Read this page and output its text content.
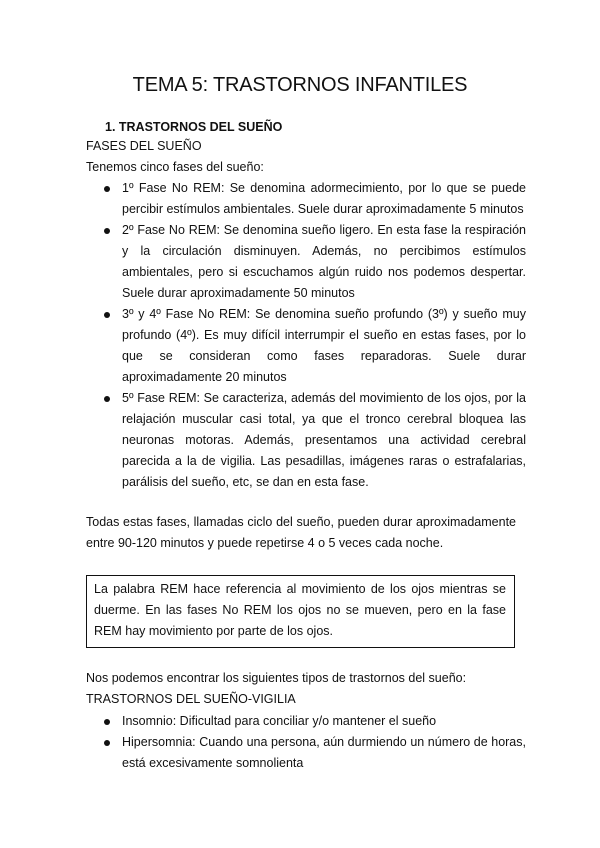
TEMA 5: TRASTORNOS INFANTILES
1. TRASTORNOS DEL SUEÑO
FASES DEL SUEÑO
Tenemos cinco fases del sueño:
1º Fase No REM: Se denomina adormecimiento, por lo que se puede percibir estímulos ambientales. Suele durar aproximadamente 5 minutos
2º Fase No REM: Se denomina sueño ligero. En esta fase la respiración y la circulación disminuyen. Además, no percibimos estímulos ambientales, pero si escuchamos algún ruido nos podemos despertar. Suele durar aproximadamente 50 minutos
3º y 4º Fase No REM: Se denomina sueño profundo (3º) y sueño muy profundo (4º). Es muy difícil interrumpir el sueño en estas fases, por lo que se consideran como fases reparadoras. Suele durar aproximadamente 20 minutos
5º Fase REM: Se caracteriza, además del movimiento de los ojos, por la relajación muscular casi total, ya que el tronco cerebral bloquea las neuronas motoras. Además, presentamos una actividad cerebral parecida a la de vigilia. Las pesadillas, imágenes raras o estrafalarias, parálisis del sueño, etc, se dan en esta fase.
Todas estas fases, llamadas ciclo del sueño, pueden durar aproximadamente entre 90-120 minutos y puede repetirse 4 o 5 veces cada noche.
La palabra REM hace referencia al movimiento de los ojos mientras se duerme. En las fases No REM los ojos no se mueven, pero en la fase REM hay movimiento por parte de los ojos.
Nos podemos encontrar los siguientes tipos de trastornos del sueño:
TRASTORNOS DEL SUEÑO-VIGILIA
Insomnio: Dificultad para conciliar y/o mantener el sueño
Hipersomnia: Cuando una persona, aún durmiendo un número de horas, está excesivamente somnolienta
